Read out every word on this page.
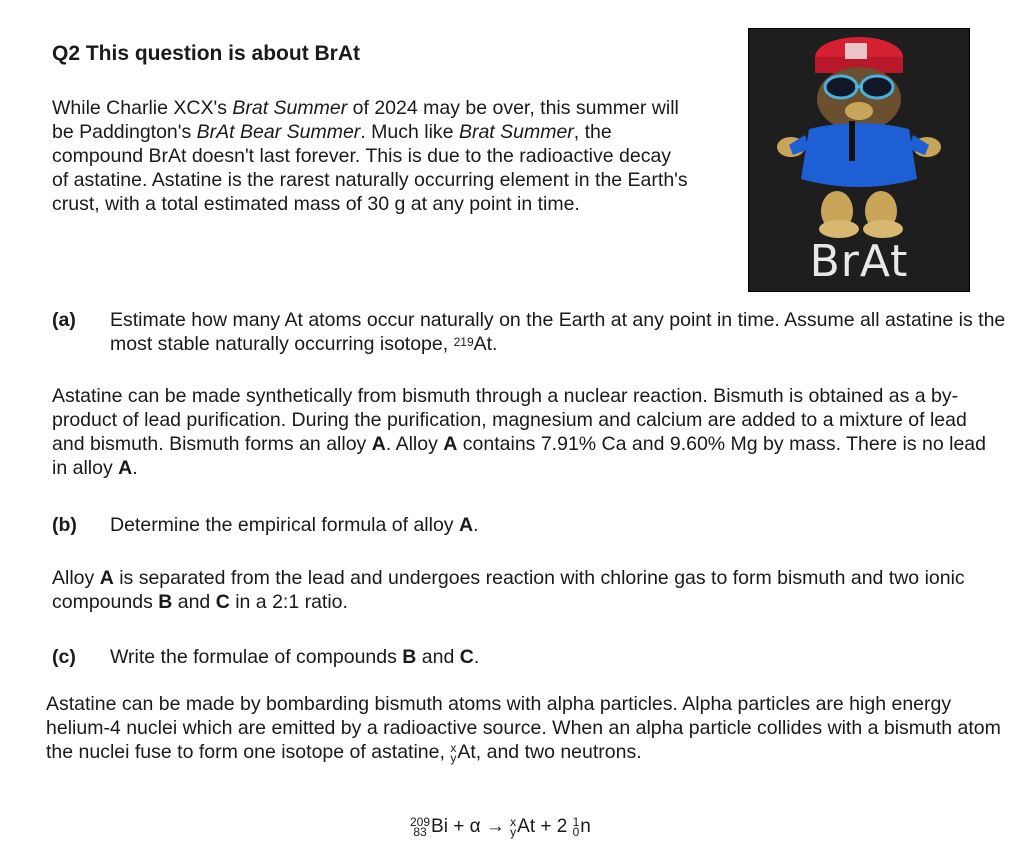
Q2 This question is about BrAt
While Charlie XCX's Brat Summer of 2024 may be over, this summer will be Paddington's BrAt Bear Summer. Much like Brat Summer, the compound BrAt doesn't last forever. This is due to the radioactive decay of astatine. Astatine is the rarest naturally occurring element in the Earth's crust, with a total estimated mass of 30 g at any point in time.
BrAt
(a) Estimate how many At atoms occur naturally on the Earth at any point in time. Assume all astatine is the most stable naturally occurring isotope, $^{219}$At.
Astatine can be made synthetically from bismuth through a nuclear reaction. Bismuth is obtained as a by-product of lead purification. During the purification, magnesium and calcium are added to a mixture of lead and bismuth. Bismuth forms an alloy A. Alloy A contains 7.91% Ca and 9.60% Mg by mass. There is no lead in alloy A.
(b) Determine the empirical formula of alloy A.
Alloy A is separated from the lead and undergoes reaction with chlorine gas to form bismuth and two ionic compounds B and C in a 2:1 ratio.
(c) Write the formulae of compounds B and C.
Astatine can be made by bombarding bismuth atoms with alpha particles. Alpha particles are high energy helium-4 nuclei which are emitted by a radioactive source. When an alpha particle collides with a bismuth atom the nuclei fuse to form one isotope of astatine, x
y At, and two neutrons.
209
83 Bi + α → x
y At + 2 1
0 n
